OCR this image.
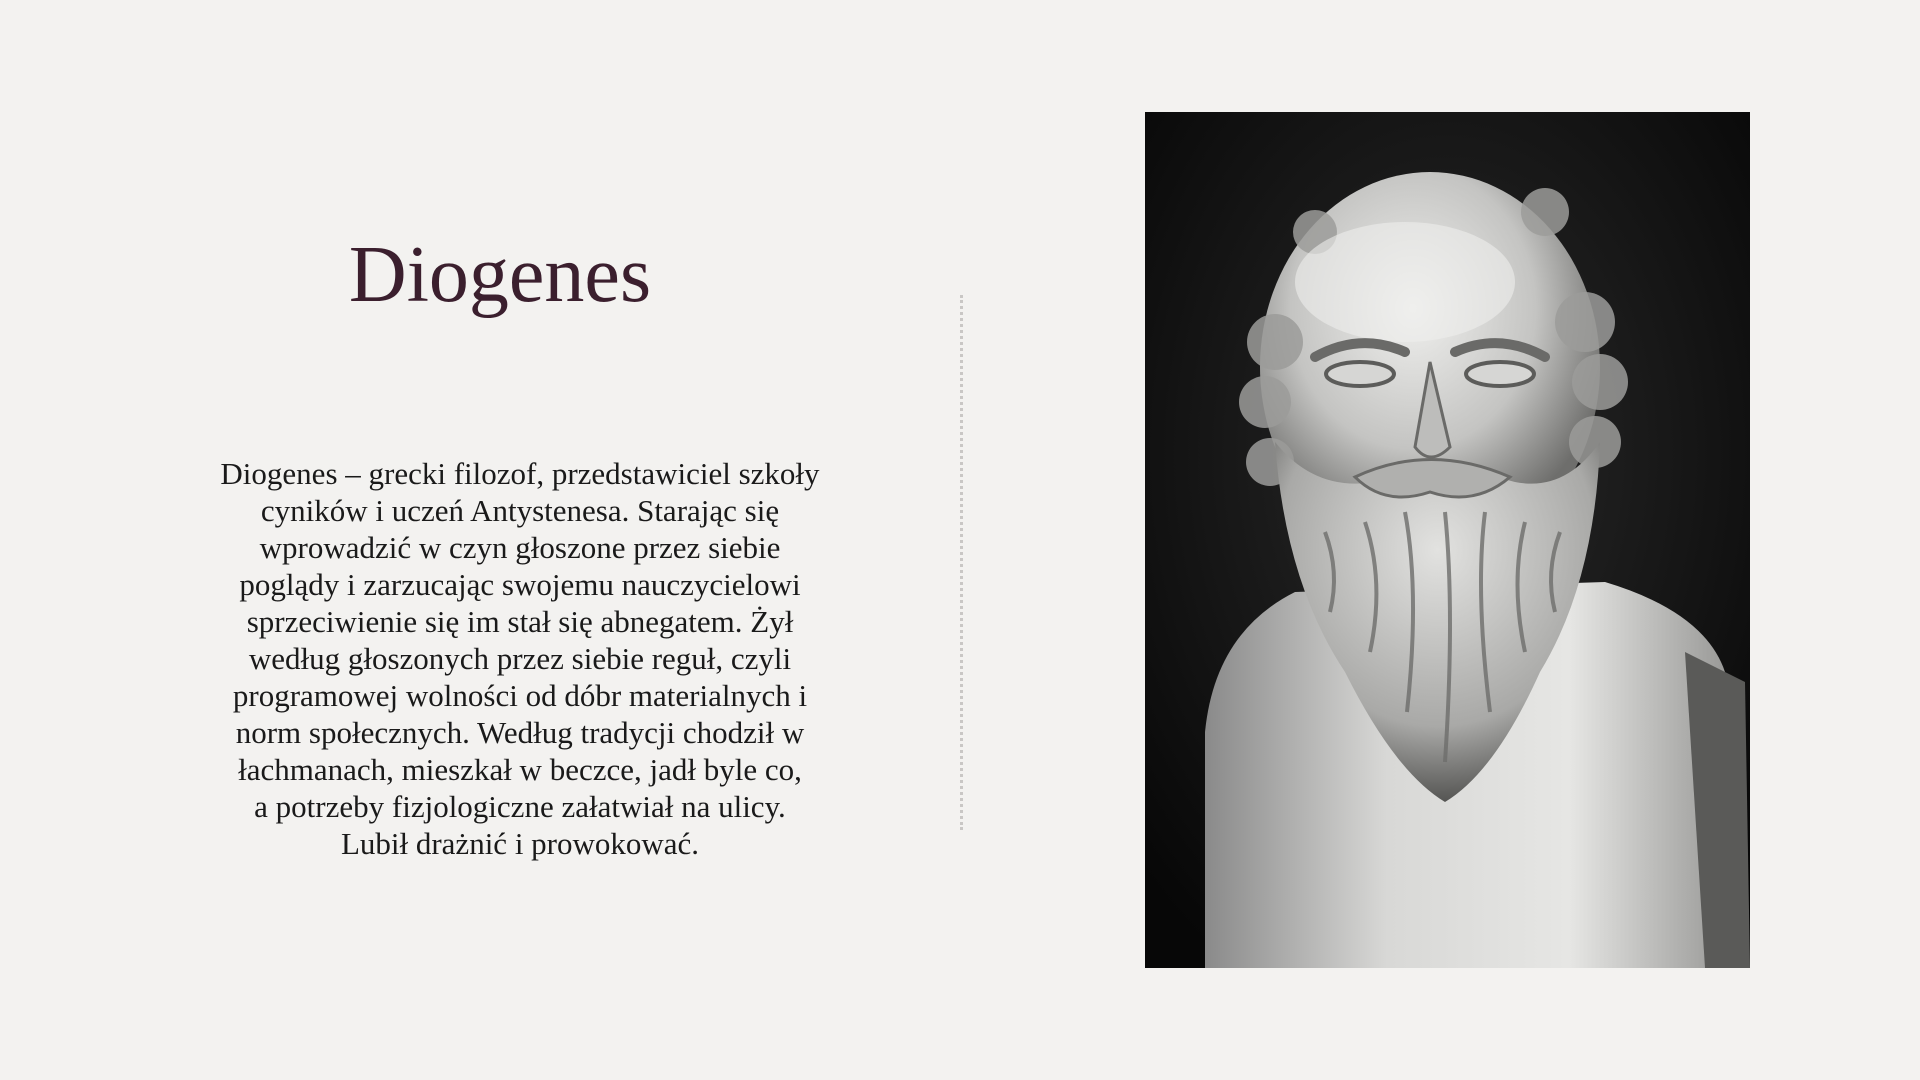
Diogenes

Diogenes – grecki filozof, przedstawiciel szkoły
cyników i uczeń Antystenesa. Starając się
wprowadzić w czyn głoszone przez siebie
poglądy i zarzucając swojemu nauczycielowi
sprzeciwienie się im stał się abnegatem. Żył
według głoszonych przez siebie reguł, czyli
programowej wolności od dóbr materialnych i
norm społecznych. Według tradycji chodził w
łachmanach, mieszkał w beczce, jadł byle co,
a potrzeby fizjologiczne załatwiał na ulicy.
Lubił drażnić i prowokować.
